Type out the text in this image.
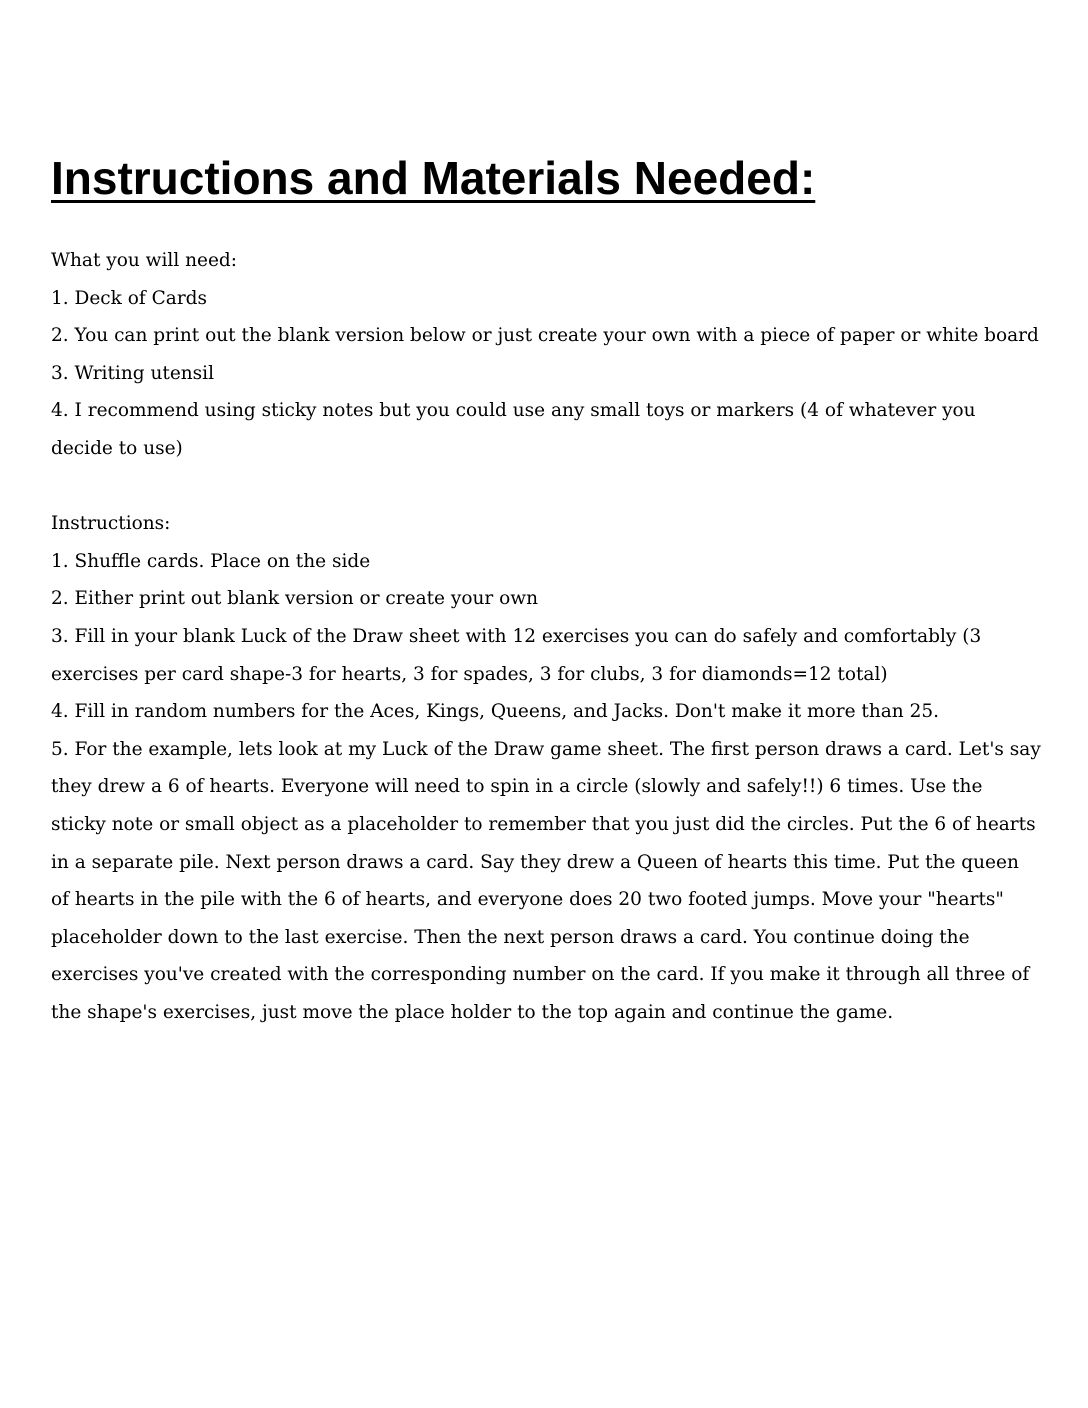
Instructions and Materials Needed:

What you will need:

1. Deck of Cards

2. You can print out the blank version below or just create your own with a piece of paper or white board

3. Writing utensil

4. I recommend using sticky notes but you could use any small toys or markers (4 of whatever you decide to use)

Instructions:

1. Shuffle cards. Place on the side

2. Either print out blank version or create your own

3. Fill in your blank Luck of the Draw sheet with 12 exercises you can do safely and comfortably (3 exercises per card shape-3 for hearts, 3 for spades, 3 for clubs, 3 for diamonds=12 total)

4. Fill in random numbers for the Aces, Kings, Queens, and Jacks. Don't make it more than 25.

5. For the example, lets look at my Luck of the Draw game sheet. The first person draws a card. Let's say they drew a 6 of hearts. Everyone will need to spin in a circle (slowly and safely!!) 6 times. Use the sticky note or small object as a placeholder to remember that you just did the circles. Put the 6 of hearts in a separate pile. Next person draws a card. Say they drew a Queen of hearts this time. Put the queen of hearts in the pile with the 6 of hearts, and everyone does 20 two footed jumps. Move your "hearts" placeholder down to the last exercise. Then the next person draws a card. You continue doing the exercises you've created with the corresponding number on the card. If you make it through all three of the shape's exercises, just move the place holder to the top again and continue the game.
